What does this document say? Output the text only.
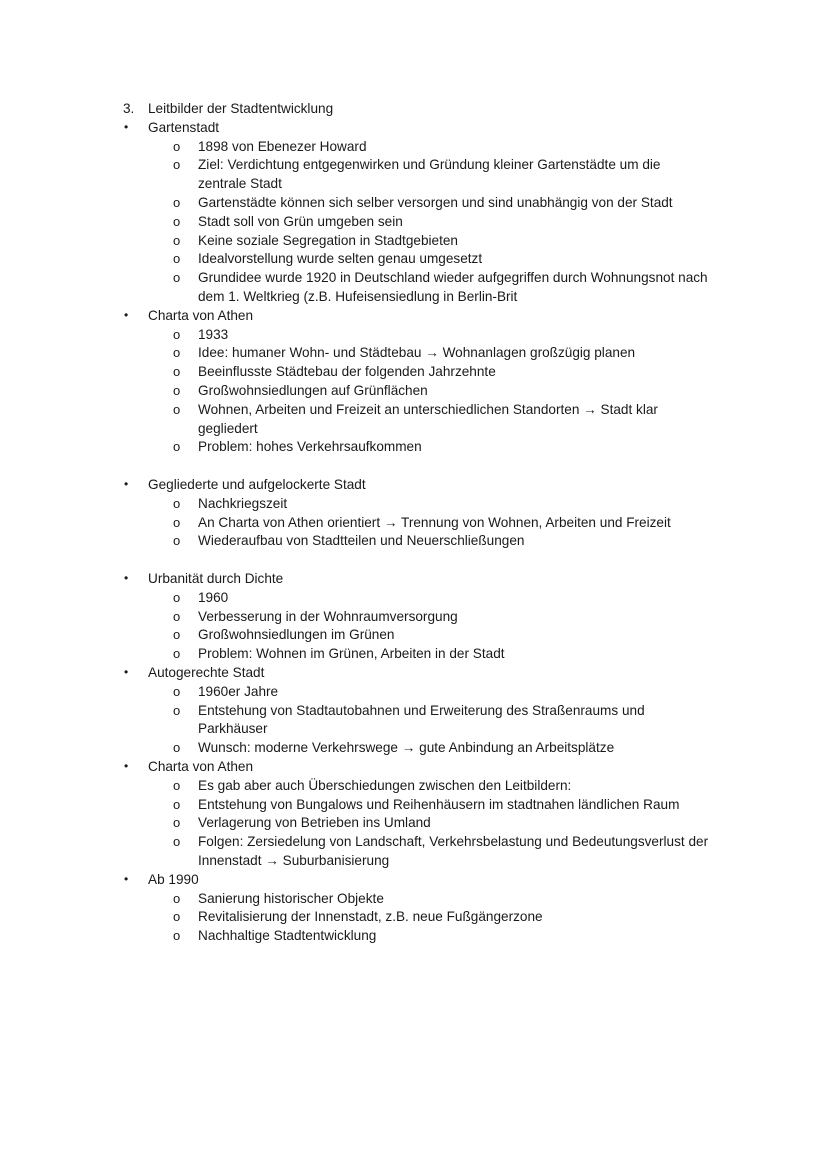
3. Leitbilder der Stadtentwicklung
• Gartenstadt
o 1898 von Ebenezer Howard
o Ziel: Verdichtung entgegenwirken und Gründung kleiner Gartenstädte um die
zentrale Stadt
o Gartenstädte können sich selber versorgen und sind unabhängig von der Stadt
o Stadt soll von Grün umgeben sein
o Keine soziale Segregation in Stadtgebieten
o Idealvorstellung wurde selten genau umgesetzt
o Grundidee wurde 1920 in Deutschland wieder aufgegriffen durch Wohnungsnot nach
dem 1. Weltkrieg (z.B. Hufeisensiedlung in Berlin-Brit
• Charta von Athen
o 1933
o Idee: humaner Wohn- und Städtebau → Wohnanlagen großzügig planen
o Beeinflusste Städtebau der folgenden Jahrzehnte
o Großwohnsiedlungen auf Grünflächen
o Wohnen, Arbeiten und Freizeit an unterschiedlichen Standorten → Stadt klar
gegliedert
o Problem: hohes Verkehrsaufkommen
• Gegliederte und aufgelockerte Stadt
o Nachkriegszeit
o An Charta von Athen orientiert → Trennung von Wohnen, Arbeiten und Freizeit
o Wiederaufbau von Stadtteilen und Neuerschließungen
• Urbanität durch Dichte
o 1960
o Verbesserung in der Wohnraumversorgung
o Großwohnsiedlungen im Grünen
o Problem: Wohnen im Grünen, Arbeiten in der Stadt
• Autogerechte Stadt
o 1960er Jahre
o Entstehung von Stadtautobahnen und Erweiterung des Straßenraums und
Parkhäuser
o Wunsch: moderne Verkehrswege → gute Anbindung an Arbeitsplätze
• Charta von Athen
o Es gab aber auch Überschiedungen zwischen den Leitbildern:
o Entstehung von Bungalows und Reihenhäusern im stadtnahen ländlichen Raum
o Verlagerung von Betrieben ins Umland
o Folgen: Zersiedelung von Landschaft, Verkehrsbelastung und Bedeutungsverlust der
Innenstadt → Suburbanisierung
• Ab 1990
o Sanierung historischer Objekte
o Revitalisierung der Innenstadt, z.B. neue Fußgängerzone
o Nachhaltige Stadtentwicklung
